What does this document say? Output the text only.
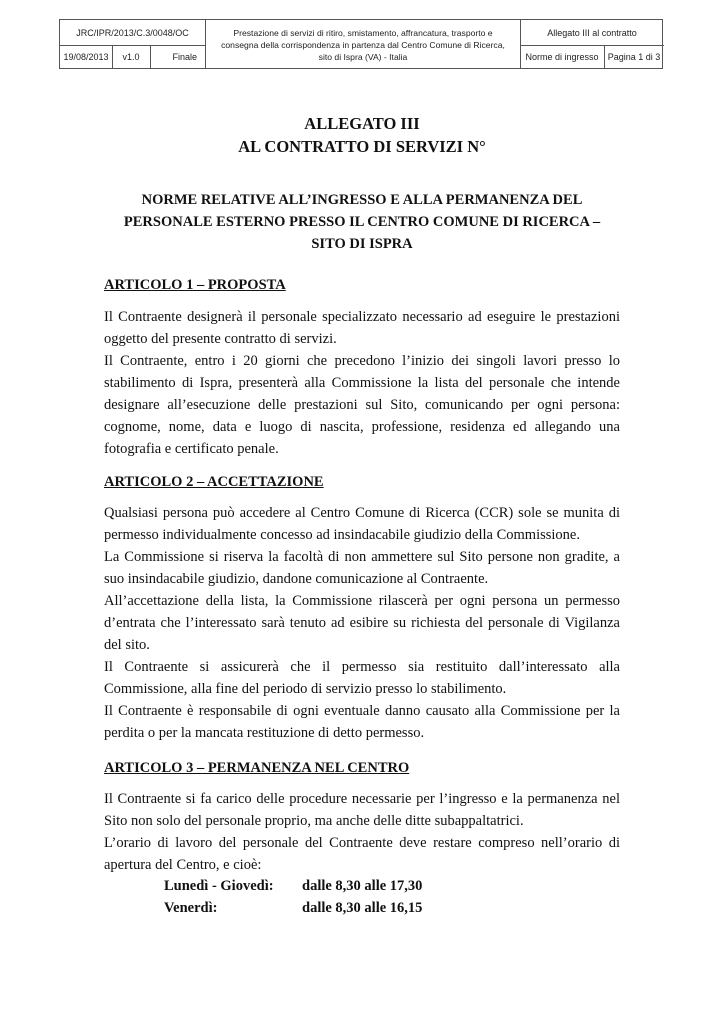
JRC/IPR/2013/C.3/0048/OC
19/08/2013	v1.0	Finale
Prestazione di servizi di ritiro, smistamento, affrancatura, trasporto e consegna della corrispondenza in partenza dal Centro Comune di Ricerca, sito di Ispra (VA) - Italia
Allegato III al contratto
Norme di ingresso	Pagina 1 di 3
ALLEGATO III
AL CONTRATTO DI SERVIZI N°
NORME RELATIVE ALL’INGRESSO E ALLA PERMANENZA DEL
PERSONALE ESTERNO PRESSO IL CENTRO COMUNE DI RICERCA –
SITO DI ISPRA
ARTICOLO 1 – PROPOSTA

Il Contraente designerà il personale specializzato necessario ad eseguire le prestazioni oggetto del presente contratto di servizi.

Il Contraente, entro i 20 giorni che precedono l’inizio dei singoli lavori presso lo stabilimento di Ispra, presenterà alla Commissione la lista del personale che intende designare all’esecuzione delle prestazioni sul Sito, comunicando per ogni persona: cognome, nome, data e luogo di nascita, professione, residenza ed allegando una fotografia e certificato penale.

ARTICOLO 2 – ACCETTAZIONE

Qualsiasi persona può accedere al Centro Comune di Ricerca (CCR) sole se munita di permesso individualmente concesso ad insindacabile giudizio della Commissione.

La Commissione si riserva la facoltà di non ammettere sul Sito persone non gradite, a suo insindacabile giudizio, dandone comunicazione al Contraente.

All’accettazione della lista, la Commissione rilascerà per ogni persona un permesso d’entrata che l’interessato sarà tenuto ad esibire su richiesta del personale di Vigilanza del sito.

Il Contraente si assicurerà che il permesso sia restituito dall’interessato alla Commissione, alla fine del periodo di servizio presso lo stabilimento.

Il Contraente è responsabile di ogni eventuale danno causato alla Commissione per la perdita o per la mancata restituzione di detto permesso.

ARTICOLO 3 – PERMANENZA NEL CENTRO

Il Contraente si fa carico delle procedure necessarie per l’ingresso e la permanenza nel Sito non solo del personale proprio, ma anche delle ditte subappaltatrici.

L’orario di lavoro del personale del Contraente deve restare compreso nell’orario di apertura del Centro, e cioè:

Lunedì - Giovedì:	dalle 8,30 alle 17,30
Venerdì:	dalle 8,30 alle 16,15
